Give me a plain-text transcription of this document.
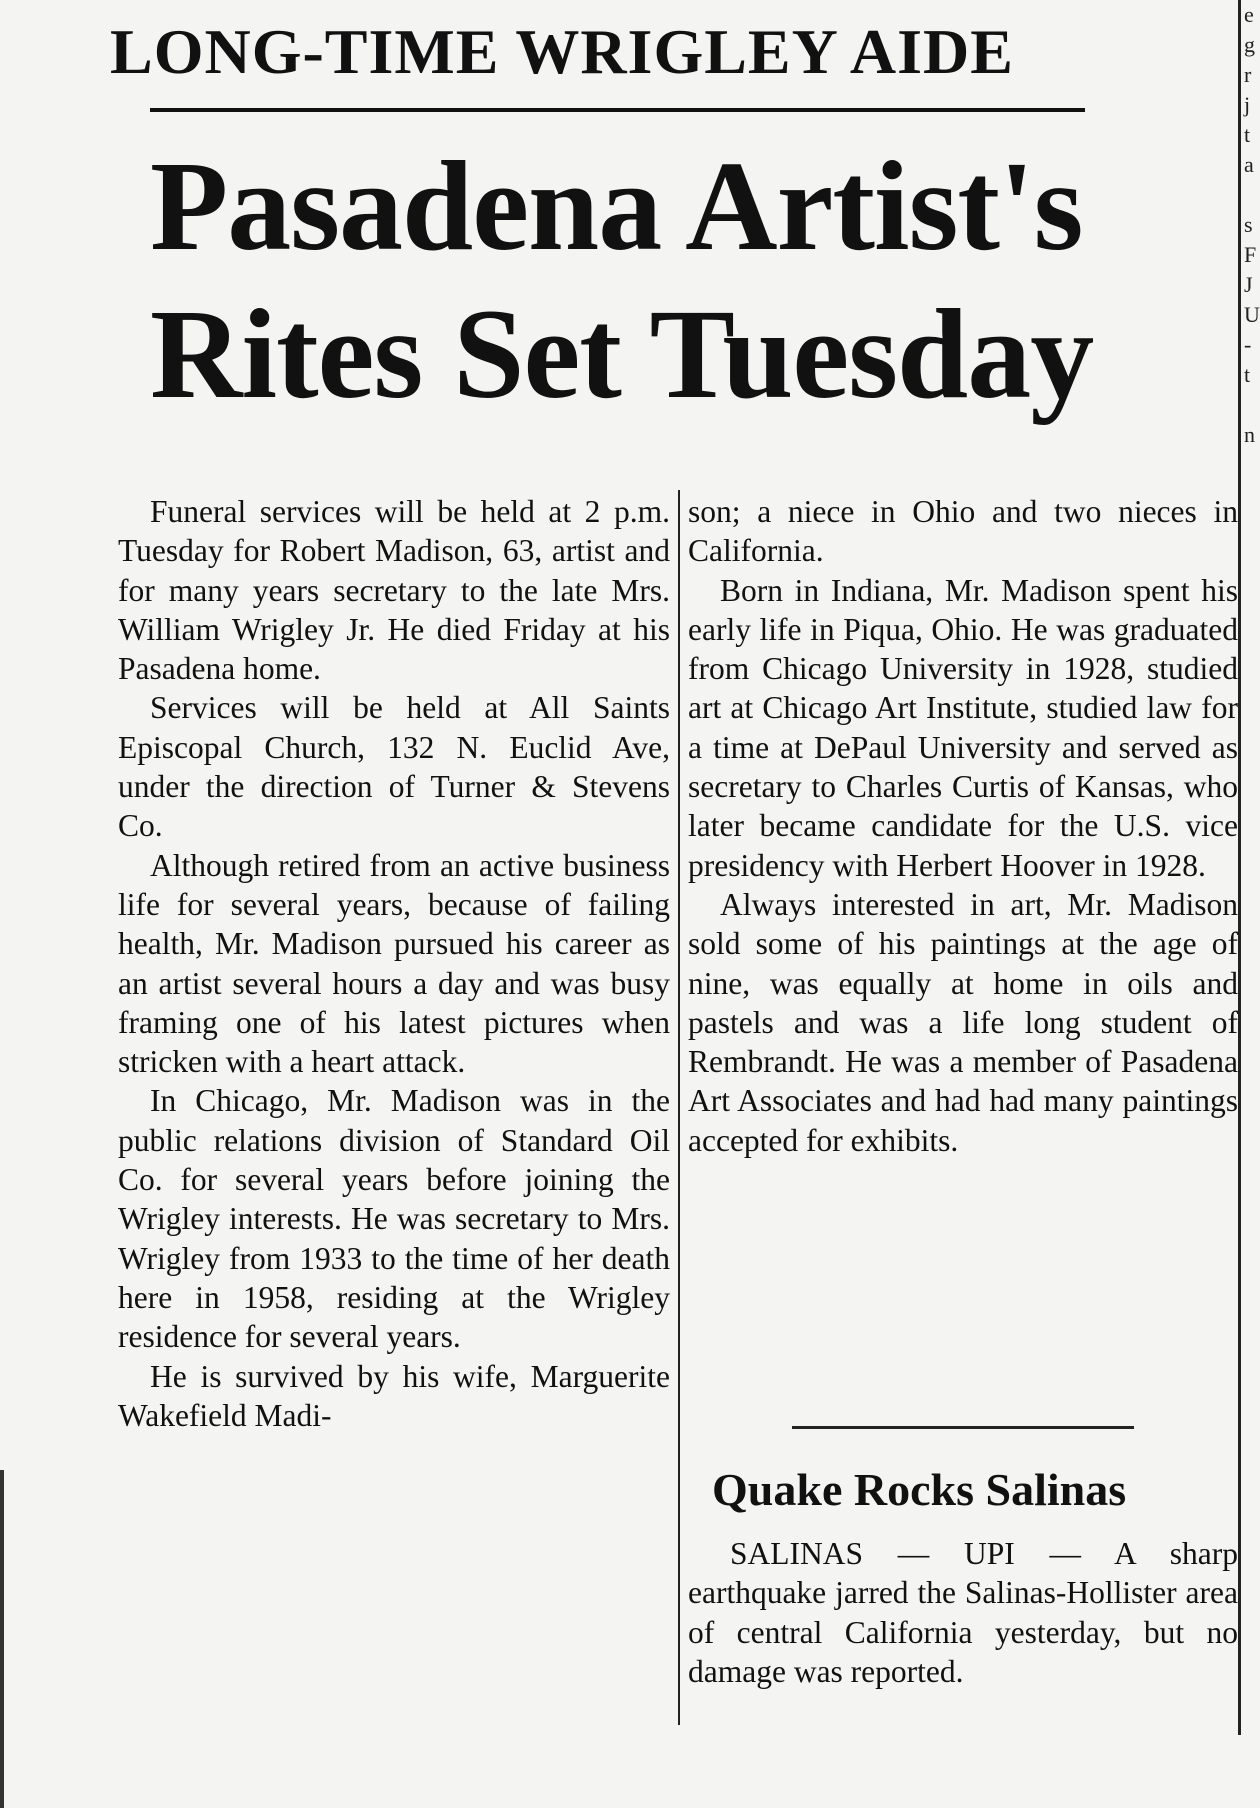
LONG-TIME WRIGLEY AIDE
Pasadena Artist's
Rites Set Tuesday

Funeral services will be held at 2 p.m. Tuesday for Robert Madison, 63, artist and for many years secretary to the late Mrs. William Wrigley Jr. He died Friday at his Pasadena home.

Services will be held at All Saints Episcopal Church, 132 N. Euclid Ave, under the direction of Turner & Stevens Co.

Although retired from an active business life for several years, because of failing health, Mr. Madison pursued his career as an artist several hours a day and was busy framing one of his latest pictures when stricken with a heart attack.

In Chicago, Mr. Madison was in the public relations division of Standard Oil Co. for several years before joining the Wrigley interests. He was secretary to Mrs. Wrigley from 1933 to the time of her death here in 1958, residing at the Wrigley residence for several years.

He is survived by his wife, Marguerite Wakefield Madi-

son; a niece in Ohio and two nieces in California.

Born in Indiana, Mr. Madison spent his early life in Piqua, Ohio. He was graduated from Chicago University in 1928, studied art at Chicago Art Institute, studied law for a time at DePaul University and served as secretary to Charles Curtis of Kansas, who later became candidate for the U.S. vice presidency with Herbert Hoover in 1928.

Always interested in art, Mr. Madison sold some of his paintings at the age of nine, was equally at home in oils and pastels and was a life long student of Rembrandt. He was a member of Pasadena Art Associates and had had many paintings accepted for exhibits.

Quake Rocks Salinas

SALINAS — UPI — A sharp earthquake jarred the Salinas-Hollister area of central California yesterday, but no damage was reported.

e
g
r
j
t
a

s
F
J
U
-
t

n
